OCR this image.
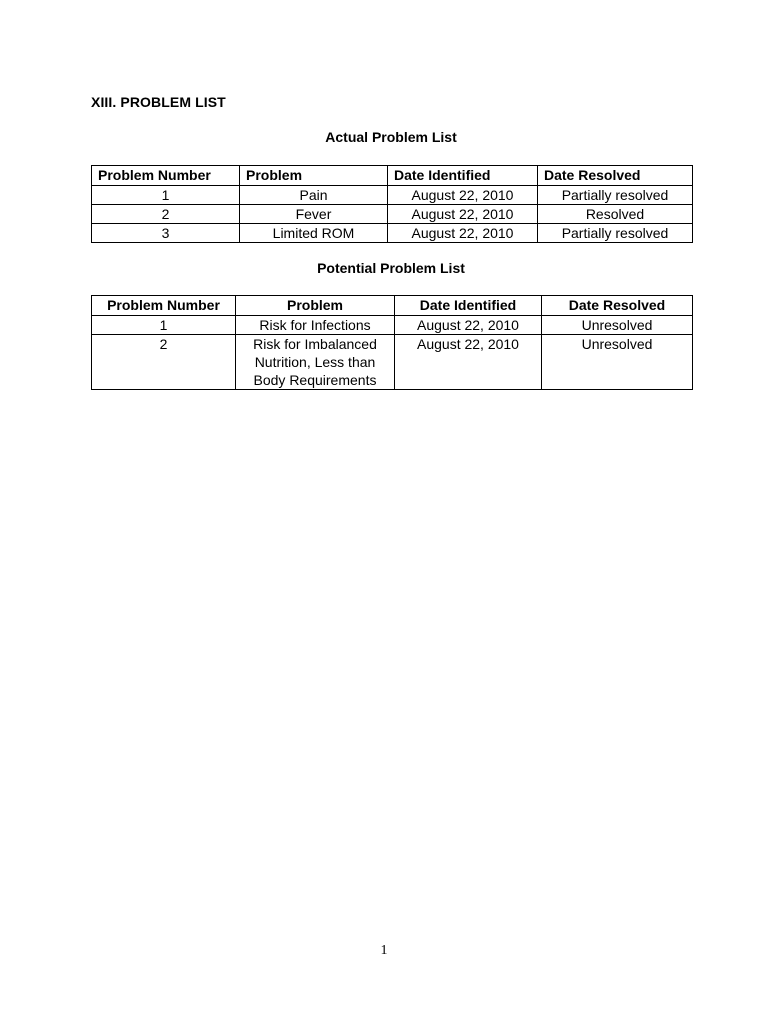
XIII. PROBLEM LIST
Actual Problem List
Problem Number	Problem	Date Identified	Date Resolved
1	Pain	August 22, 2010	Partially resolved
2	Fever	August 22, 2010	Resolved
3	Limited ROM	August 22, 2010	Partially resolved
Potential Problem List
Problem Number	Problem	Date Identified	Date Resolved
1	Risk for Infections	August 22, 2010	Unresolved
2	Risk for Imbalanced Nutrition, Less than Body Requirements	August 22, 2010	Unresolved
1
